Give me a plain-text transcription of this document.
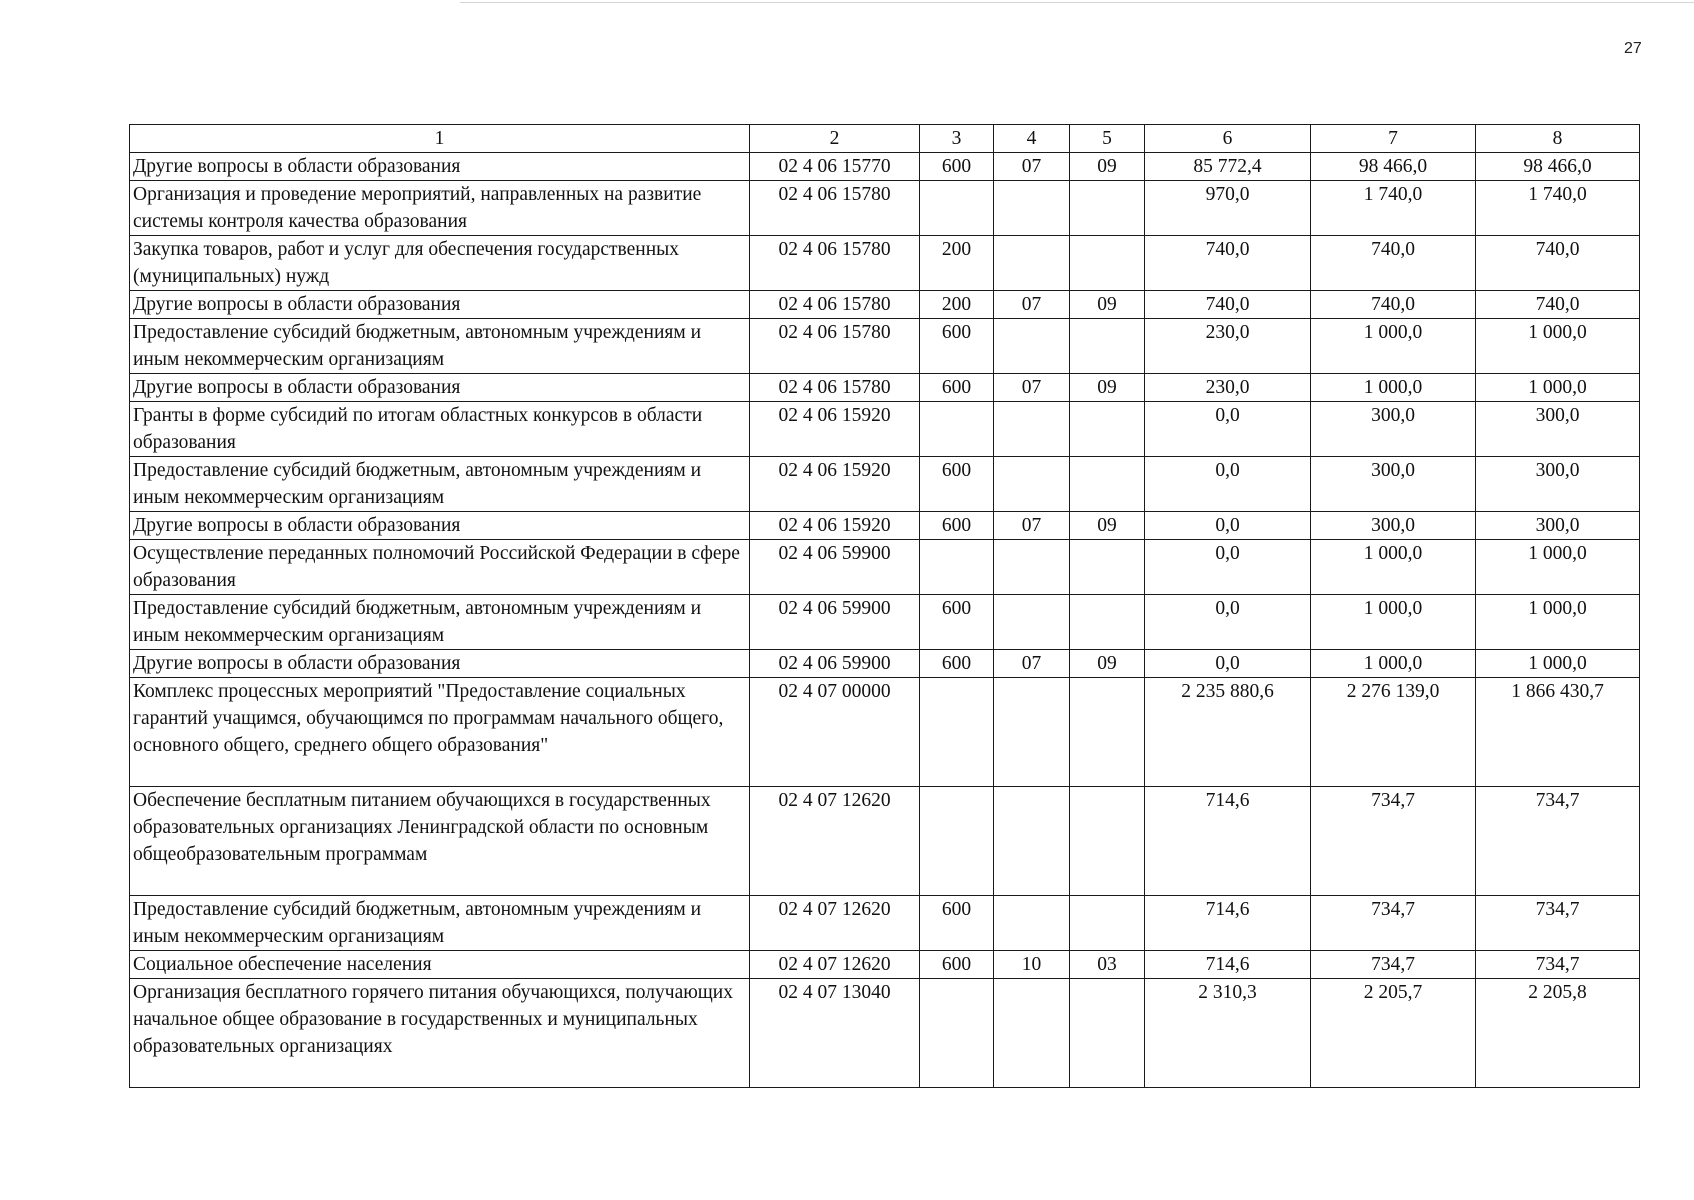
27
1	2	3	4	5	6	7	8
Другие вопросы в области образования	02 4 06 15770	600	07	09	85 772,4	98 466,0	98 466,0
Организация и проведение мероприятий, направленных на развитие системы контроля качества образования	02 4 06 15780				970,0	1 740,0	1 740,0
Закупка товаров, работ и услуг для обеспечения государственных (муниципальных) нужд	02 4 06 15780	200			740,0	740,0	740,0
Другие вопросы в области образования	02 4 06 15780	200	07	09	740,0	740,0	740,0
Предоставление субсидий бюджетным, автономным учреждениям и иным некоммерческим организациям	02 4 06 15780	600			230,0	1 000,0	1 000,0
Другие вопросы в области образования	02 4 06 15780	600	07	09	230,0	1 000,0	1 000,0
Гранты в форме субсидий по итогам областных конкурсов в области образования	02 4 06 15920				0,0	300,0	300,0
Предоставление субсидий бюджетным, автономным учреждениям и иным некоммерческим организациям	02 4 06 15920	600			0,0	300,0	300,0
Другие вопросы в области образования	02 4 06 15920	600	07	09	0,0	300,0	300,0
Осуществление переданных полномочий Российской Федерации в сфере образования	02 4 06 59900				0,0	1 000,0	1 000,0
Предоставление субсидий бюджетным, автономным учреждениям и иным некоммерческим организациям	02 4 06 59900	600			0,0	1 000,0	1 000,0
Другие вопросы в области образования	02 4 06 59900	600	07	09	0,0	1 000,0	1 000,0
Комплекс процессных мероприятий "Предоставление социальных гарантий учащимся, обучающимся по программам начального общего, основного общего, среднего общего образования"	02 4 07 00000				2 235 880,6	2 276 139,0	1 866 430,7
Обеспечение бесплатным питанием обучающихся в государственных образовательных организациях Ленинградской области по основным общеобразовательным программам	02 4 07 12620				714,6	734,7	734,7
Предоставление субсидий бюджетным, автономным учреждениям и иным некоммерческим организациям	02 4 07 12620	600			714,6	734,7	734,7
Социальное обеспечение населения	02 4 07 12620	600	10	03	714,6	734,7	734,7
Организация бесплатного горячего питания обучающихся, получающих начальное общее образование в государственных и муниципальных образовательных организациях	02 4 07 13040				2 310,3	2 205,7	2 205,8
